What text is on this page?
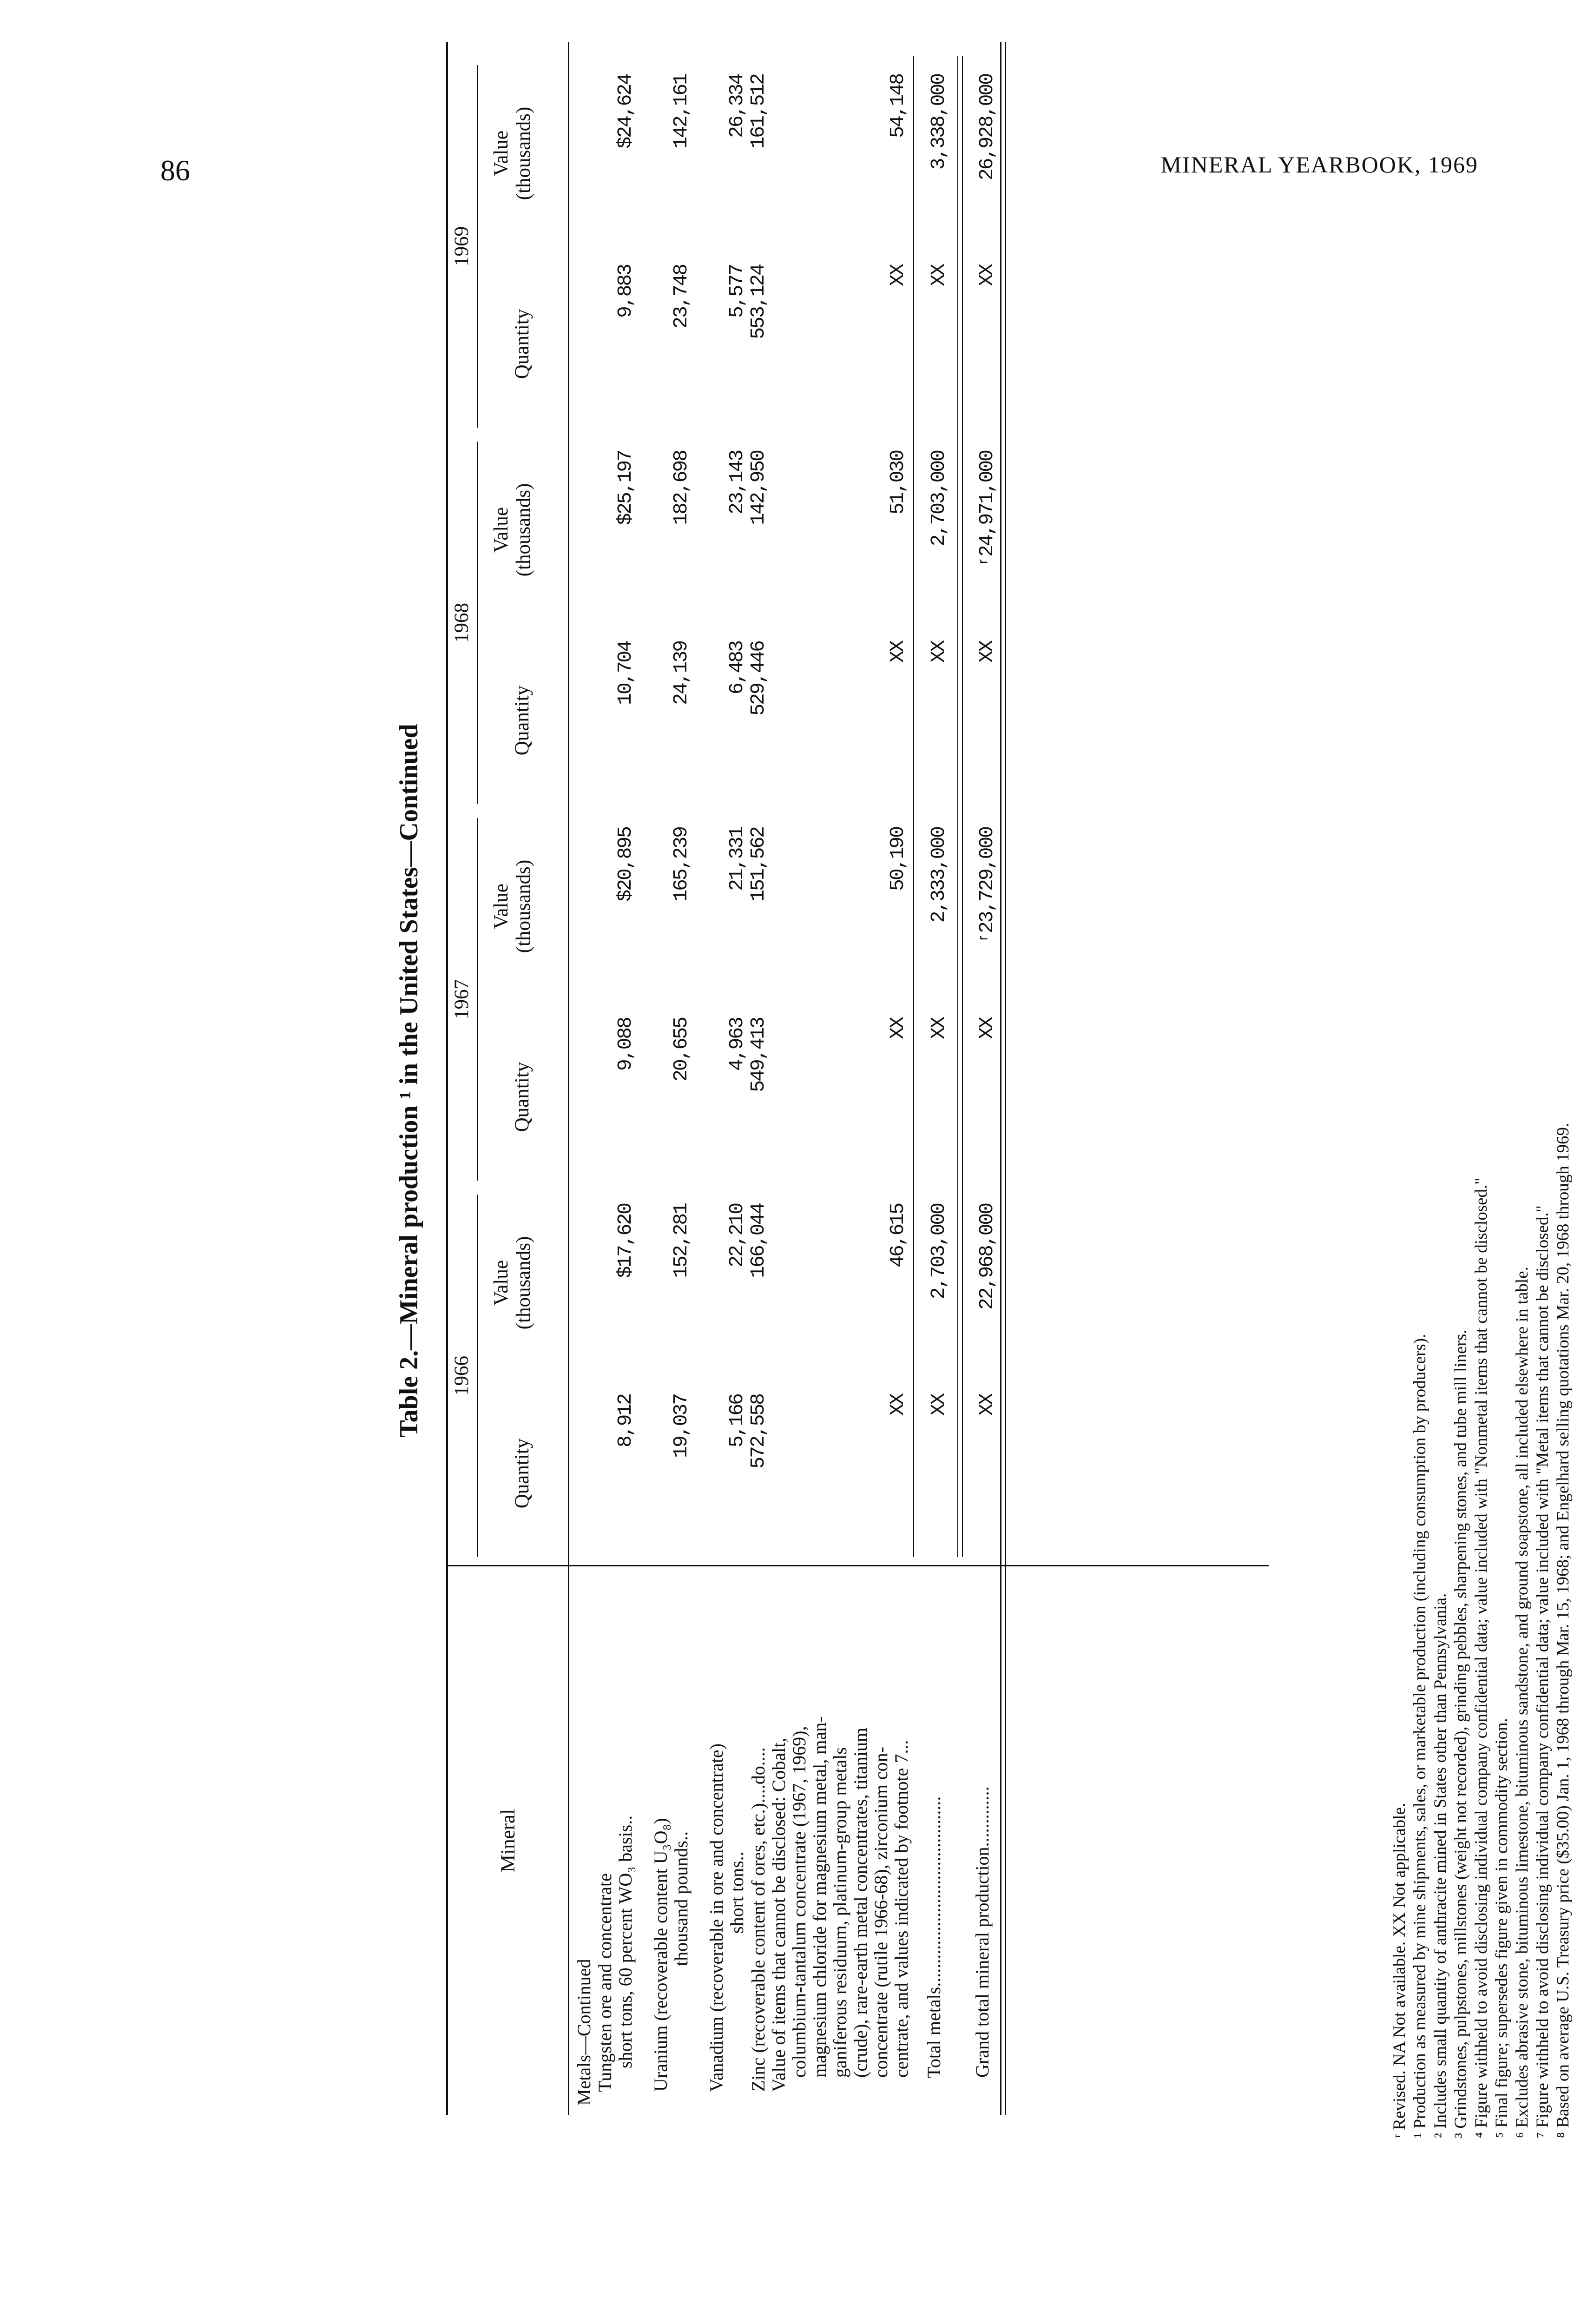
86	MINERAL YEARBOOK, 1969
Table 2.—Mineral production ¹ in the United States—Continued
Mineral
1966
1967
1968
1969
Quantity
Value
(thousands)
Quantity
Value
(thousands)
Quantity
Value
(thousands)
Quantity
Value
(thousands)
Metals—Continued Tungsten ore and concentrate
short tons, 60 percent WO₃ basis..
Uranium (recoverable content U₃O₈)
thousand pounds..
Vanadium (recoverable in ore and concentrate)
short tons.. Zinc (recoverable content of ores, etc.)....do.... Value of items that cannot be disclosed: Cobalt,
columbium-tantalum concentrate (1967, 1969),
magnesium chloride for magnesium metal, man-
ganiferous residuum, platinum-group metals
(crude), rare-earth metal concentrates, titanium
concentrate (rutile 1966-68), zirconium con-
centrate, and values indicated by footnote 7...
Total metals......................................... Grand total mineral production.............
8,912
$17,620
9,088
$20,895
10,704
$25,197
9,883
$24,624
19,037
152,281
20,655
165,239
24,139
182,698
23,748
142,161
5,166
22,210
4,963
21,331
6,483
23,143
5,577
26,334
572,558
166,044
549,413
151,562
529,446
142,950
553,124
161,512
XX
46,615
XX
50,190
XX
51,030
XX
54,148
XX
2,703,000
XX
2,333,000
XX
2,703,000
XX
3,338,000
XX
22,968,000
XX
ʳ23,729,000
XX
ʳ24,971,000
XX
26,928,000
ʳ Revised. NA Not available. XX Not applicable. ¹ Production as measured by mine shipments, sales, or marketable production (including consumption by producers). ² Includes small quantity of anthracite mined in States other than Pennsylvania. ³ Grindstones, pulpstones, millstones (weight not recorded), grinding pebbles, sharpening stones, and tube mill liners. ⁴ Figure withheld to avoid disclosing individual company confidential data; value included with "Nonmetal items that cannot be disclosed." ⁵ Final figure; supersedes figure given in commodity section. ⁶ Excludes abrasive stone, bituminous limestone, bituminous sandstone, and ground soapstone, all included elsewhere in table. ⁷ Figure withheld to avoid disclosing individual company confidential data; value included with "Metal items that cannot be disclosed." ⁸ Based on average U.S. Treasury price ($35.00) Jan. 1, 1968 through Mar. 15, 1968; and Engelhard selling quotations Mar. 20, 1968 through 1969.
